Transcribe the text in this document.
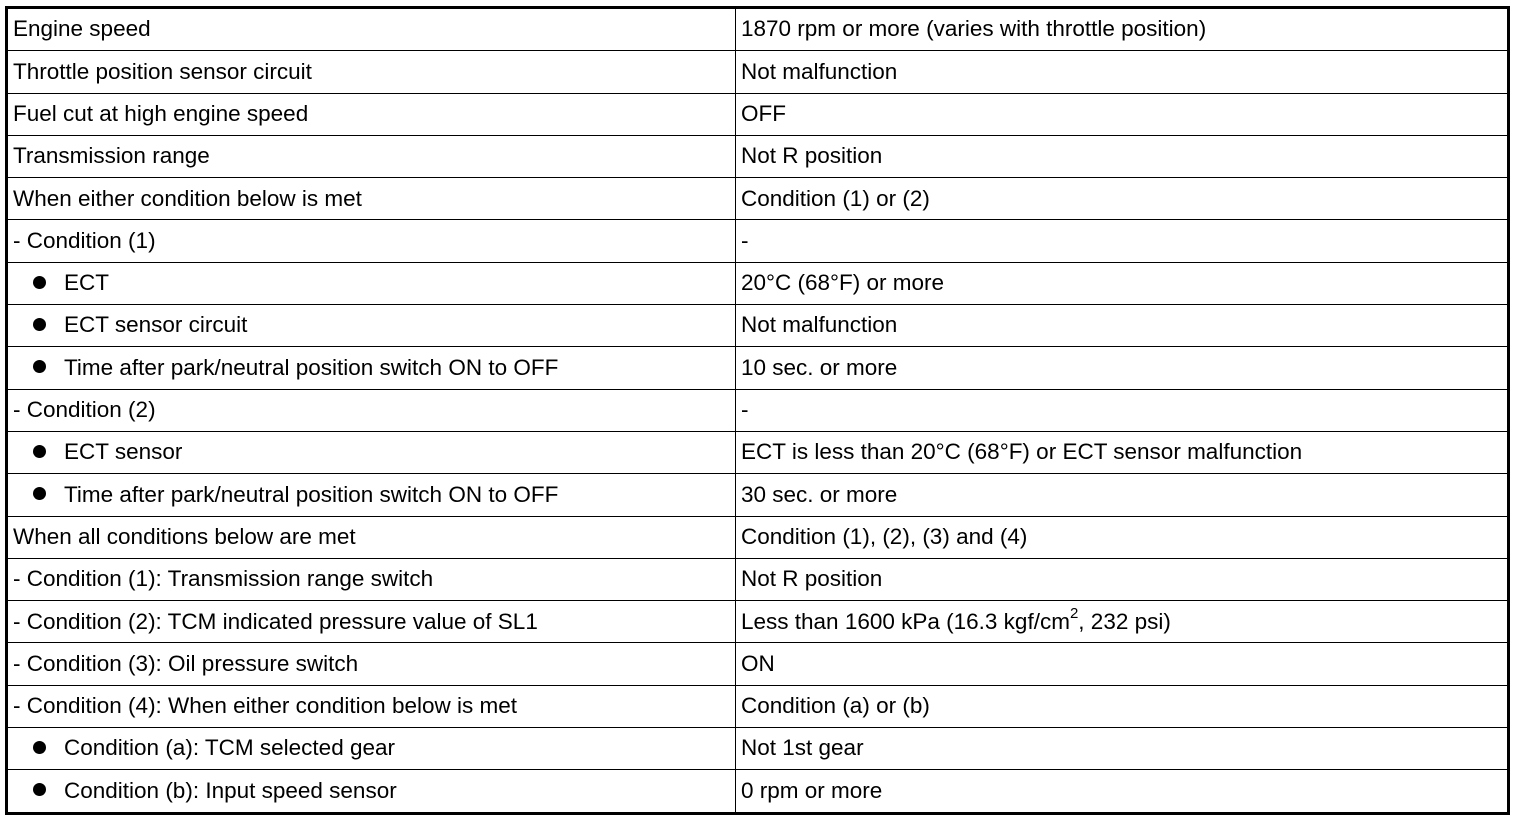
Engine speed	1870 rpm or more (varies with throttle position)
Throttle position sensor circuit	Not malfunction
Fuel cut at high engine speed	OFF
Transmission range	Not R position
When either condition below is met	Condition (1) or (2)
- Condition (1)	-
ECT	20°C (68°F) or more
ECT sensor circuit	Not malfunction
Time after park/neutral position switch ON to OFF	10 sec. or more
- Condition (2)	-
ECT sensor	ECT is less than 20°C (68°F) or ECT sensor malfunction
Time after park/neutral position switch ON to OFF	30 sec. or more
When all conditions below are met	Condition (1), (2), (3) and (4)
- Condition (1): Transmission range switch	Not R position
- Condition (2): TCM indicated pressure value of SL1	Less than 1600 kPa (16.3 kgf/$cm^2$, 232 psi)
- Condition (3): Oil pressure switch	ON
- Condition (4): When either condition below is met	Condition (a) or (b)
Condition (a): TCM selected gear	Not 1st gear
Condition (b): Input speed sensor	0 rpm or more
